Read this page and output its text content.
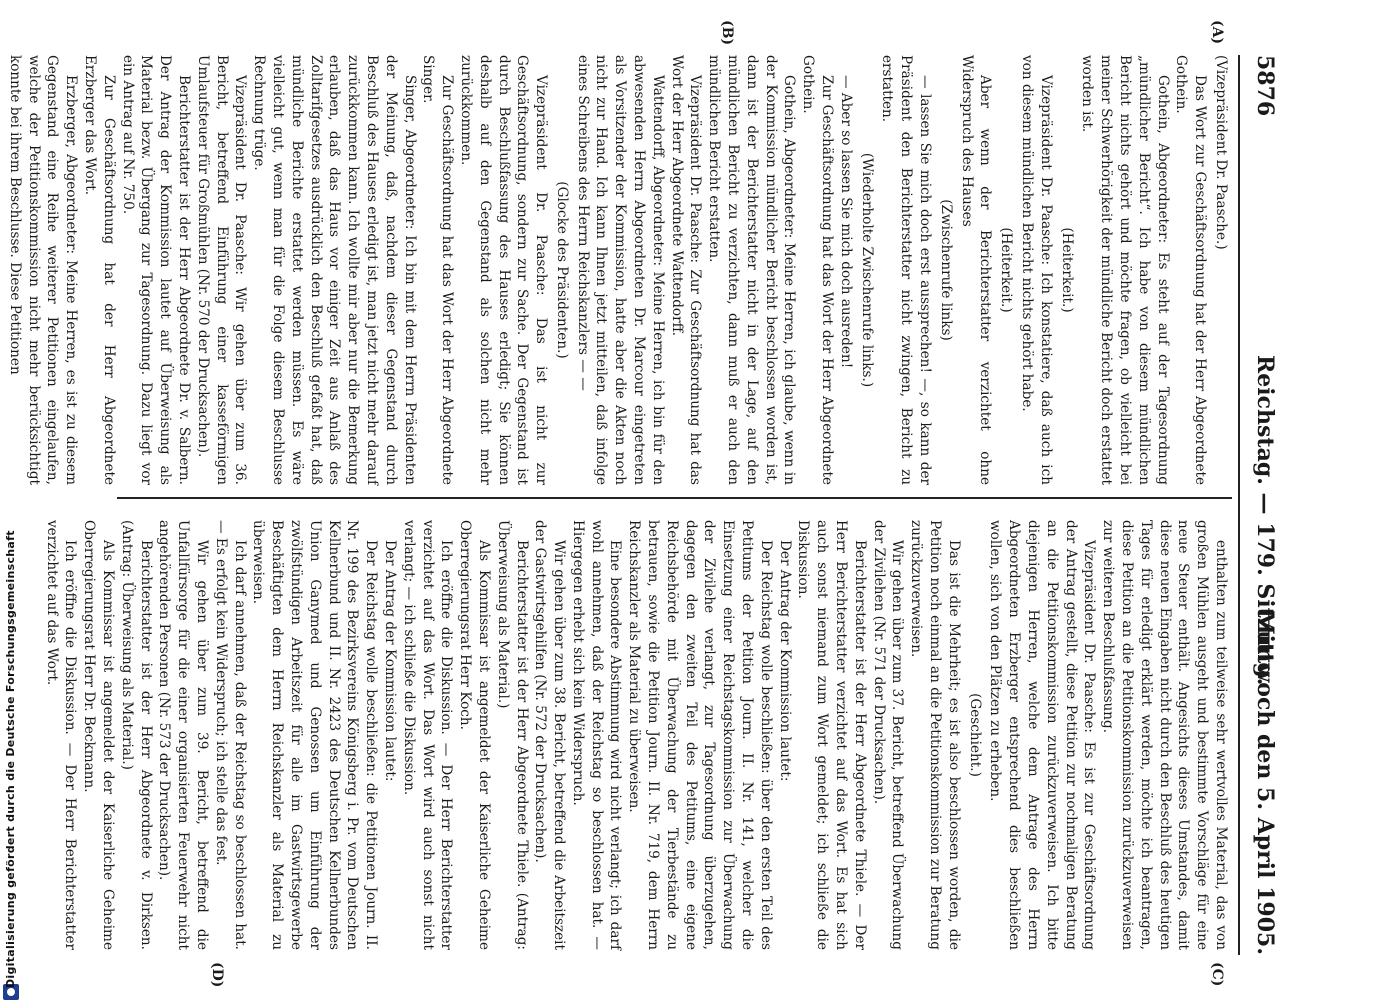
5876
Reichstag. — 179. Sitzung.
Mittwoch den 5. April 1905.
(A)
(B)
(C)
(D)

(Vizepräsident Dr. Paasche.)

Das Wort zur Geschäftsordnung hat der Herr Abgeordnete Gothein.

Gothein, Abgeordneter: Es steht auf der Tagesordnung „mündlicher Bericht“. Ich habe von diesem mündlichen Bericht nichts gehört und möchte fragen, ob vielleicht bei meiner Schwerhörigkeit der mündliche Bericht doch erstattet worden ist.

(Heiterkeit.)

Vizepräsident Dr. Paasche: Ich konstatiere, daß auch ich von diesem mündlichen Bericht nichts gehört habe.

(Heiterkeit.)

Aber wenn der Berichterstatter verzichtet ohne Widerspruch des Hauses

(Zwischenrufe links)

— lassen Sie mich doch erst aussprechen! —, so kann der Präsident den Berichterstatter nicht zwingen, Bericht zu erstatten.

(Wiederholte Zwischenrufe links.)

— Aber so lassen Sie mich doch ausreden!

Zur Geschäftsordnung hat das Wort der Herr Abgeordnete Gothein.

Gothein, Abgeordneter: Meine Herren, ich glaube, wenn in der Kommission mündlicher Bericht beschlossen worden ist, dann ist der Berichterstatter nicht in der Lage, auf den mündlichen Bericht zu verzichten, dann muß er auch den mündlichen Bericht erstatten.

Vizepräsident Dr. Paasche: Zur Geschäftsordnung hat das Wort der Herr Abgeordnete Wattendorff.

Wattendorff, Abgeordneter: Meine Herren, ich bin für den abwesenden Herrn Abgeordneten Dr. Marcour eingetreten als Vorsitzender der Kommission, hatte aber die Akten noch nicht zur Hand. Ich kann Ihnen jetzt mitteilen, daß infolge eines Schreibens des Herrn Reichskanzlers — —

(Glocke des Präsidenten.)

Vizepräsident Dr. Paasche: Das ist nicht zur Geschäftsordnung, sondern zur Sache. Der Gegenstand ist durch Beschlußfassung des Hauses erledigt; Sie können deshalb auf den Gegenstand als solchen nicht mehr zurückkommen.

Zur Geschäftsordnung hat das Wort der Herr Abgeordnete Singer.

Singer, Abgeordneter: Ich bin mit dem Herrn Präsidenten der Meinung, daß, nachdem dieser Gegenstand durch Beschluß des Hauses erledigt ist, man jetzt nicht mehr darauf zurückkommen kann. Ich wollte mir aber nur die Bemerkung erlauben, daß das Haus vor einiger Zeit aus Anlaß des Zolltarifgesetzes ausdrücklich den Beschluß gefaßt hat, daß mündliche Berichte erstattet werden müssen. Es wäre vielleicht gut, wenn man für die Folge diesem Beschlusse Rechnung trüge.

Vizepräsident Dr. Paasche: Wir gehen über zum 36. Bericht, betreffend Einführung einer kasseförmigen Umlaufsteuer für Großmühlen (Nr. 570 der Drucksachen).

Berichterstatter ist der Herr Abgeordnete Dr. v. Salbern. Der Antrag der Kommission lautet auf Überweisung als Material bezw. Übergang zur Tagesordnung. Dazu liegt vor ein Antrag auf Nr. 750.

Zur Geschäftsordnung hat der Herr Abgeordnete Erzberger das Wort.

Erzberger, Abgeordneter: Meine Herren, es ist zu diesem Gegenstand eine Reihe weiterer Petitionen eingelaufen, welche der Petitionskommission nicht mehr berücksichtigt konnte bei ihrem Beschlusse. Diese Petitionen

enthalten zum teilweise sehr wertvolles Material, das von großen Mühlen ausgeht und bestimmte Vorschläge für eine neue Steuer enthält. Angesichts dieses Umstandes, damit diese neuen Eingaben nicht durch den Beschluß des heutigen Tages für erledigt erklärt werden, möchte ich beantragen, diese Petition an die Petitionskommission zurückzuverweisen zur weiteren Beschlußfassung.

Vizepräsident Dr. Paasche: Es ist zur Geschäftsordnung der Antrag gestellt, diese Petition zur nochmaligen Beratung an die Petitionskommission zurückzuverweisen. Ich bitte diejenigen Herren, welche dem Antrage des Herrn Abgeordneten Erzberger entsprechend dies beschließen wollen, sich von den Plätzen zu erheben.

(Geschieht.)

Das ist die Mehrheit; es ist also beschlossen worden, die Petition noch einmal an die Petitionskommission zur Beratung zurückzuverweisen.

Wir gehen über zum 37. Bericht, betreffend Überwachung der Zivilehen (Nr. 571 der Drucksachen).

Berichterstatter ist der Herr Abgeordnete Thiele. — Der Herr Berichterstatter verzichtet auf das Wort. Es hat sich auch sonst niemand zum Wort gemeldet; ich schließe die Diskussion.

Der Antrag der Kommission lautet:

Der Reichstag wolle beschließen: über den ersten Teil des Petitums der Petition Journ. II. Nr. 141, welcher die Einsetzung einer Reichstagskommission zur Überwachung der Zivilehe verlangt, zur Tagesordnung überzugehen, dagegen den zweiten Teil des Petitums, eine eigene Reichsbehörde mit Überwachung der Tierbestände zu betrauen, sowie die Petition Journ. II. Nr. 719, dem Herrn Reichskanzler als Material zu überweisen.

Eine besondere Abstimmung wird nicht verlangt; ich darf wohl annehmen, daß der Reichstag so beschlossen hat. — Hiergegen erhebt sich kein Widerspruch.

Wir gehen über zum 38. Bericht, betreffend die Arbeitszeit der Gastwirtsgehilfen (Nr. 572 der Drucksachen).

Berichterstatter ist der Herr Abgeordnete Thiele. (Antrag: Überweisung als Material.)

Als Kommissar ist angemeldet der Kaiserliche Geheime Oberregierungsrat Herr Koch.

Ich eröffne die Diskussion. — Der Herr Berichterstatter verzichtet auf das Wort. Das Wort wird auch sonst nicht verlangt; — ich schließe die Diskussion.

Der Antrag der Kommission lautet:

Der Reichstag wolle beschließen: die Petitionen Journ. II. Nr. 199 des Bezirksvereins Königsberg i. Pr. vom Deutschen Kellnerbund und II. Nr. 2423 des Deutschen Kellnerbundes Union Ganymed und Genossen um Einführung der zwölfstündigen Arbeitszeit für alle im Gastwirtsgewerbe Beschäftigten dem Herrn Reichskanzler als Material zu überweisen.

Ich darf annehmen, daß der Reichstag so beschlossen hat. — Es erfolgt kein Widerspruch; ich stelle das fest.

Wir gehen über zum 39. Bericht, betreffend die Unfallfürsorge für die einer organisierten Feuerwehr nicht angehörenden Personen (Nr. 573 der Drucksachen).

Berichterstatter ist der Herr Abgeordnete v. Dirksen. (Antrag: Überweisung als Material.)

Als Kommissar ist angemeldet der Kaiserliche Geheime Oberregierungsrat Herr Dr. Beckmann.

Ich eröffne die Diskussion. — Der Herr Berichterstatter verzichtet auf das Wort.

Digitalisierung gefördert durch die Deutsche Forschungsgemeinschaft
